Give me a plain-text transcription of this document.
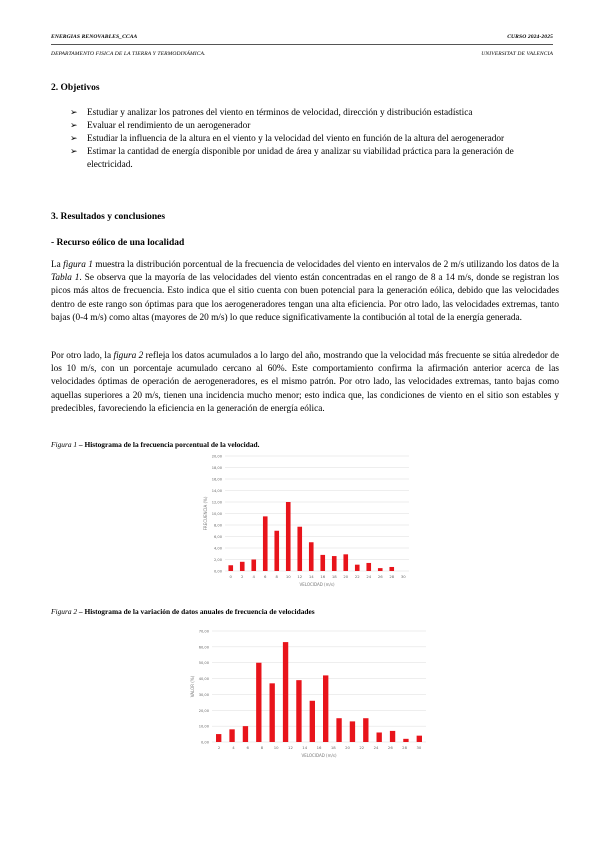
ENERGIAS RENOVABLES_CCAA	CURSO 2024-2025
DEPARTAMENTO FISICA DE LA TIERRA Y TERMODINÁMICA.	UNIVERSITAT DE VALENCIA
2. Objetivos
➢ Estudiar y analizar los patrones del viento en términos de velocidad, dirección y distribución estadística
➢ Evaluar el rendimiento de un aerogenerador
➢ Estudiar la influencia de la altura en el viento y la velocidad del viento en función de la altura del aerogenerador
➢ Estimar la cantidad de energía disponible por unidad de área y analizar su viabilidad práctica para la generación de electricidad.
3. Resultados y conclusiones
- Recurso eólico de una localidad
La figura 1 muestra la distribución porcentual de la frecuencia de velocidades del viento en intervalos de 2 m/s utilizando los datos de la Tabla 1. Se observa que la mayoría de las velocidades del viento están concentradas en el rango de 8 a 14 m/s, donde se registran los picos más altos de frecuencia. Esto indica que el sitio cuenta con buen potencial para la generación eólica, debido que las velocidades dentro de este rango son óptimas para que los aerogeneradores tengan una alta eficiencia. Por otro lado, las velocidades extremas, tanto bajas (0-4 m/s) como altas (mayores de 20 m/s) lo que reduce significativamente la contibución al total de la energía generada.
Por otro lado, la figura 2 refleja los datos acumulados a lo largo del año, mostrando que la velocidad más frecuente se sitúa alrededor de los 10 m/s, con un porcentaje acumulado cercano al 60%. Este comportamiento confirma la afirmación anterior acerca de las velocidades óptimas de operación de aerogeneradores, es el mismo patrón. Por otro lado, las velocidades extremas, tanto bajas como aquellas superiores a 20 m/s, tienen una incidencia mucho menor; esto indica que, las condiciones de viento en el sitio son estables y predecibles, favoreciendo la eficiencia en la generación de energía eólica.
Figura 1 – Histograma de la frecuencia porcentual de la velocidad.
0,00
2,00
4,00
6,00
8,00
10,00
12,00
14,00
16,00
18,00
20,00
0 2 4 6 8 10 12 14 16 18 20 22 24 26 28 30
VELOCIDAD (m/s)
FRECUENCIA (%)
Figura 2 – Histograma de la variación de datos anuales de frecuencia de velocidades
0,00
10,00
20,00
30,00
40,00
50,00
60,00
70,00
2	4	6	8	10 12 14 16 18 20 22 24 26 28 30
VELOCIDAD (m/s)
VALOR (%)
